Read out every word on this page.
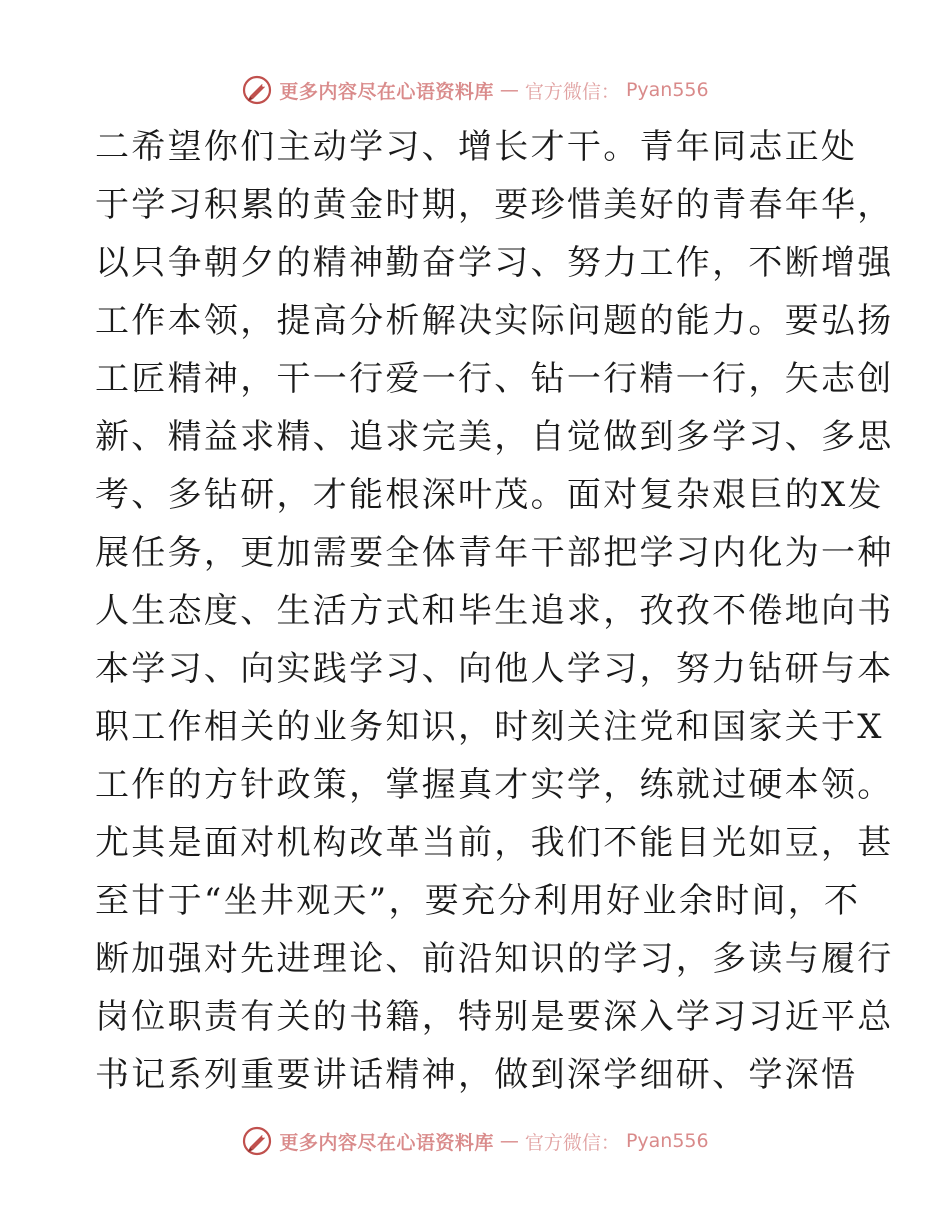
更多内容尽在心语资料库 — 官方微信： Pyan556
二希望你们主动学习、增长才干。青年同志正处
于学习积累的黄金时期，要珍惜美好的青春年华，
以只争朝夕的精神勤奋学习、努力工作，不断增强
工作本领，提高分析解决实际问题的能力。要弘扬
工匠精神，干一行爱一行、钻一行精一行，矢志创
新、精益求精、追求完美，自觉做到多学习、多思
考、多钻研，才能根深叶茂。面对复杂艰巨的X发
展任务，更加需要全体青年干部把学习内化为一种
人生态度、生活方式和毕生追求，孜孜不倦地向书
本学习、向实践学习、向他人学习，努力钻研与本
职工作相关的业务知识，时刻关注党和国家关于X
工作的方针政策，掌握真才实学，练就过硬本领。
尤其是面对机构改革当前，我们不能目光如豆，甚
至甘于“坐井观天”，要充分利用好业余时间，不
断加强对先进理论、前沿知识的学习，多读与履行
岗位职责有关的书籍，特别是要深入学习习近平总
书记系列重要讲话精神，做到深学细研、学深悟
更多内容尽在心语资料库 — 官方微信： Pyan556
